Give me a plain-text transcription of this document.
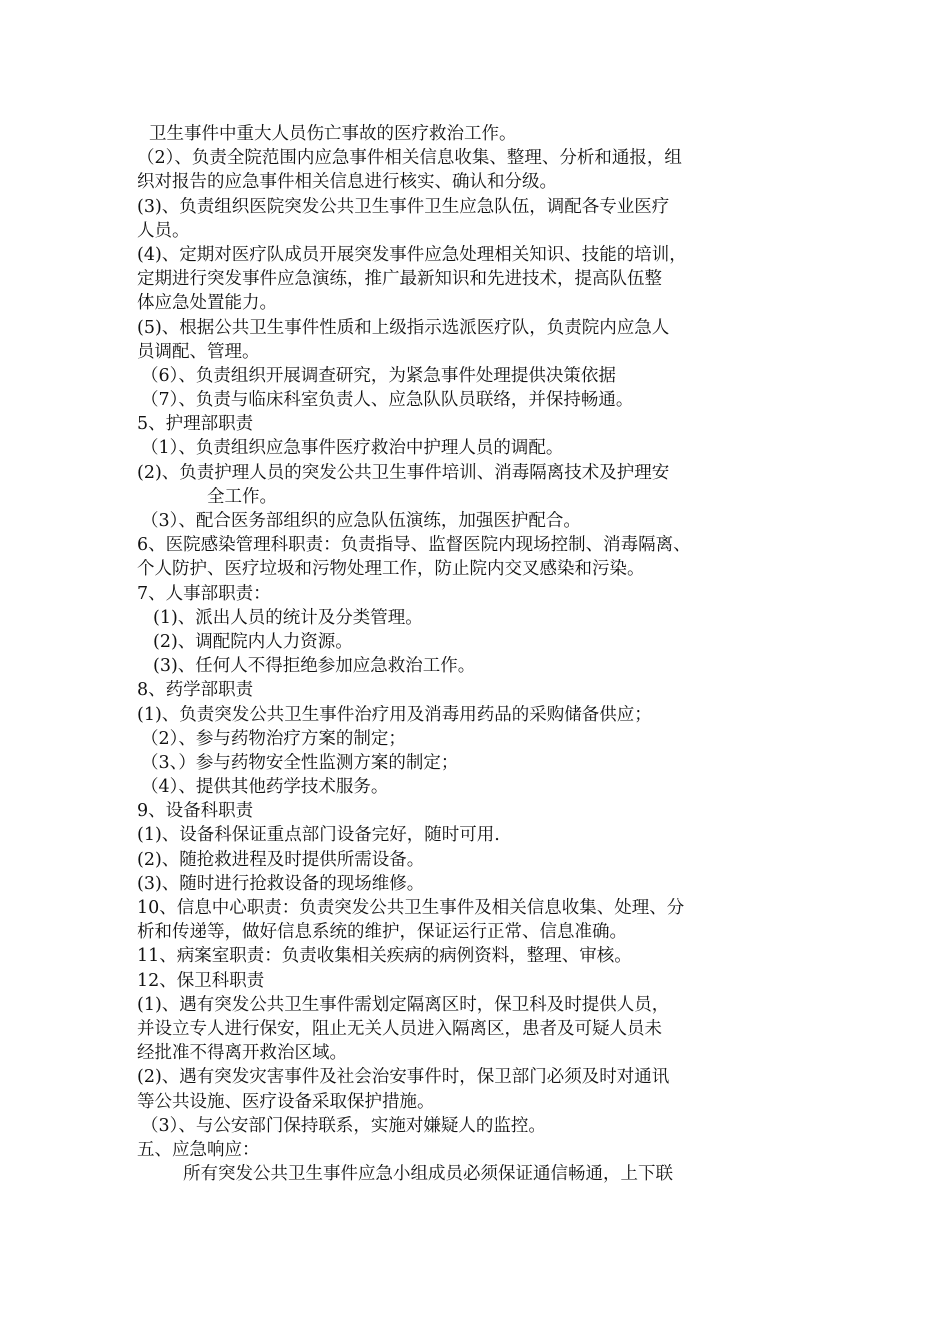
卫生事件中重大人员伤亡事故的医疗救治工作。
（2）、负责全院范围内应急事件相关信息收集、整理、分析和通报，组
织对报告的应急事件相关信息进行核实、确认和分级。
(3)、负责组织医院突发公共卫生事件卫生应急队伍，调配各专业医疗
人员。
(4)、定期对医疗队成员开展突发事件应急处理相关知识、技能的培训，
定期进行突发事件应急演练，推广最新知识和先进技术，提高队伍整
体应急处置能力。
(5)、根据公共卫生事件性质和上级指示选派医疗队，负责院内应急人
员调配、管理。
（6）、负责组织开展调查研究，为紧急事件处理提供决策依据
（7）、负责与临床科室负责人、应急队队员联络，并保持畅通。
5、护理部职责
（1）、负责组织应急事件医疗救治中护理人员的调配。
(2)、负责护理人员的突发公共卫生事件培训、消毒隔离技术及护理安
全工作。
（3）、配合医务部组织的应急队伍演练，加强医护配合。
6、医院感染管理科职责：负责指导、监督医院内现场控制、消毒隔离、
个人防护、医疗垃圾和污物处理工作，防止院内交叉感染和污染。
7、人事部职责：
(1)、派出人员的统计及分类管理。
(2)、调配院内人力资源。
(3)、任何人不得拒绝参加应急救治工作。
8、药学部职责
(1)、负责突发公共卫生事件治疗用及消毒用药品的采购储备供应；
（2）、参与药物治疗方案的制定；
（3、）参与药物安全性监测方案的制定；
（4）、提供其他药学技术服务。
9、设备科职责
(1)、设备科保证重点部门设备完好，随时可用.
(2)、随抢救进程及时提供所需设备。
(3)、随时进行抢救设备的现场维修。
10、信息中心职责：负责突发公共卫生事件及相关信息收集、处理、分
析和传递等，做好信息系统的维护，保证运行正常、信息准确。
11、病案室职责：负责收集相关疾病的病例资料，整理、审核。
12、保卫科职责
(1)、遇有突发公共卫生事件需划定隔离区时，保卫科及时提供人员，
并设立专人进行保安，阻止无关人员进入隔离区，患者及可疑人员未
经批准不得离开救治区域。
(2)、遇有突发灾害事件及社会治安事件时，保卫部门必须及时对通讯
等公共设施、医疗设备采取保护措施。
（3）、与公安部门保持联系，实施对嫌疑人的监控。
五、应急响应：
所有突发公共卫生事件应急小组成员必须保证通信畅通，上下联
